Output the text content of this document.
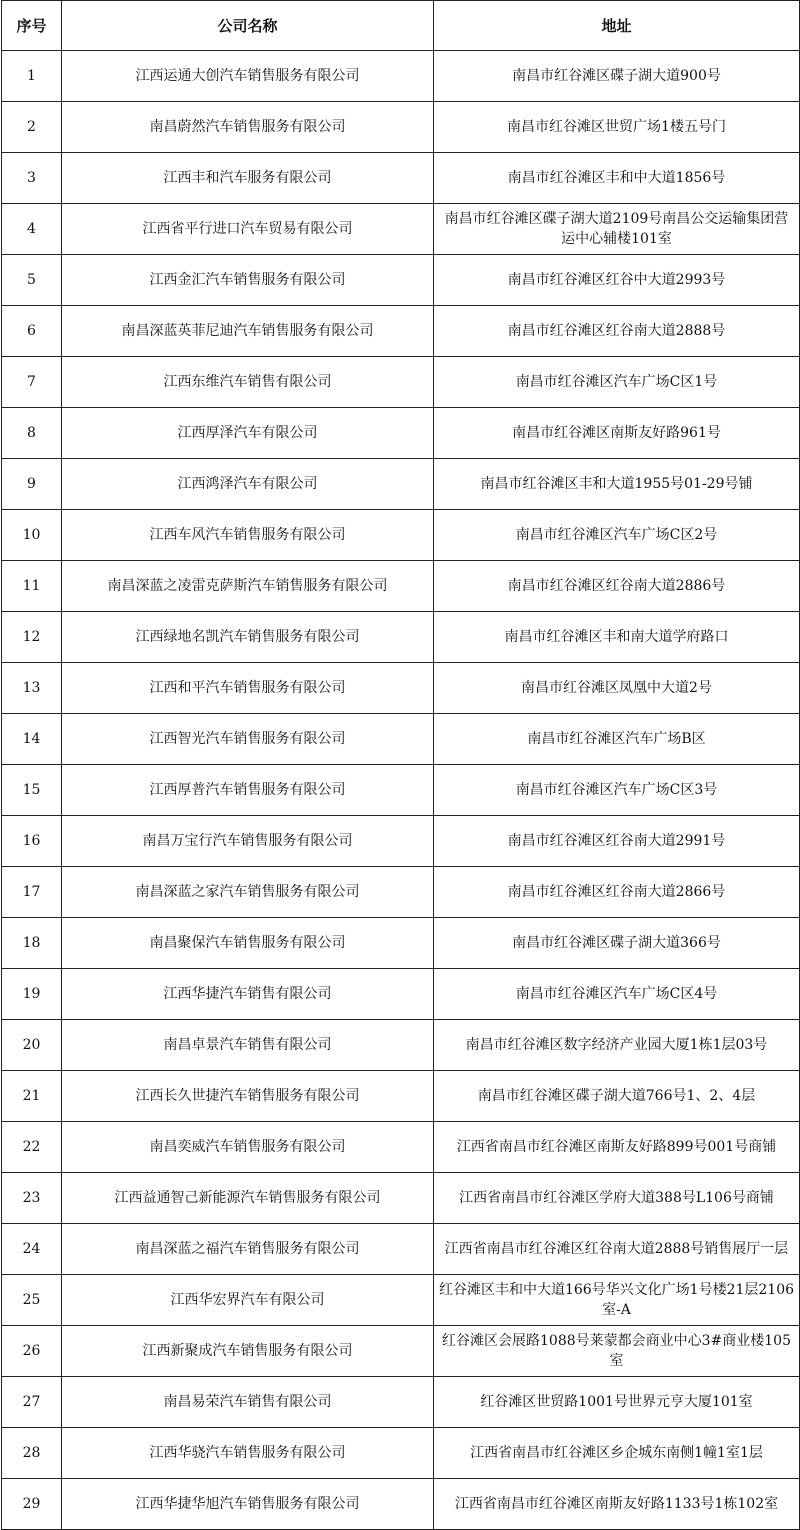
序号	公司名称	地址
1	江西运通大创汽车销售服务有限公司	南昌市红谷滩区碟子湖大道900号
2	南昌蔚然汽车销售服务有限公司	南昌市红谷滩区世贸广场1楼五号门
3	江西丰和汽车服务有限公司	南昌市红谷滩区丰和中大道1856号
4	江西省平行进口汽车贸易有限公司	南昌市红谷滩区碟子湖大道2109号南昌公交运输集团营运中心辅楼101室
5	江西金汇汽车销售服务有限公司	南昌市红谷滩区红谷中大道2993号
6	南昌深蓝英菲尼迪汽车销售服务有限公司	南昌市红谷滩区红谷南大道2888号
7	江西东维汽车销售有限公司	南昌市红谷滩区汽车广场C区1号
8	江西厚泽汽车有限公司	南昌市红谷滩区南斯友好路961号
9	江西鸿泽汽车有限公司	南昌市红谷滩区丰和大道1955号01-29号铺
10	江西车风汽车销售服务有限公司	南昌市红谷滩区汽车广场C区2号
11	南昌深蓝之凌雷克萨斯汽车销售服务有限公司	南昌市红谷滩区红谷南大道2886号
12	江西绿地名凯汽车销售服务有限公司	南昌市红谷滩区丰和南大道学府路口
13	江西和平汽车销售服务有限公司	南昌市红谷滩区凤凰中大道2号
14	江西智光汽车销售服务有限公司	南昌市红谷滩区汽车广场B区
15	江西厚普汽车销售服务有限公司	南昌市红谷滩区汽车广场C区3号
16	南昌万宝行汽车销售服务有限公司	南昌市红谷滩区红谷南大道2991号
17	南昌深蓝之家汽车销售服务有限公司	南昌市红谷滩区红谷南大道2866号
18	南昌聚保汽车销售服务有限公司	南昌市红谷滩区碟子湖大道366号
19	江西华捷汽车销售有限公司	南昌市红谷滩区汽车广场C区4号
20	南昌卓景汽车销售有限公司	南昌市红谷滩区数字经济产业园大厦1栋1层03号
21	江西长久世捷汽车销售服务有限公司	南昌市红谷滩区碟子湖大道766号1、2、4层
22	南昌奕威汽车销售服务有限公司	江西省南昌市红谷滩区南斯友好路899号001号商铺
23	江西益通智己新能源汽车销售服务有限公司	江西省南昌市红谷滩区学府大道388号L106号商铺
24	南昌深蓝之福汽车销售服务有限公司	江西省南昌市红谷滩区红谷南大道2888号销售展厅一层
25	江西华宏界汽车有限公司	红谷滩区丰和中大道166号华兴文化广场1号楼21层2106室-A
26	江西新聚成汽车销售服务有限公司	红谷滩区会展路1088号莱蒙都会商业中心3#商业楼105室
27	南昌易荣汽车销售有限公司	红谷滩区世贸路1001号世界元亨大厦101室
28	江西华骁汽车销售服务有限公司	江西省南昌市红谷滩区乡企城东南侧1幢1室1层
29	江西华捷华旭汽车销售服务有限公司	江西省南昌市红谷滩区南斯友好路1133号1栋102室
